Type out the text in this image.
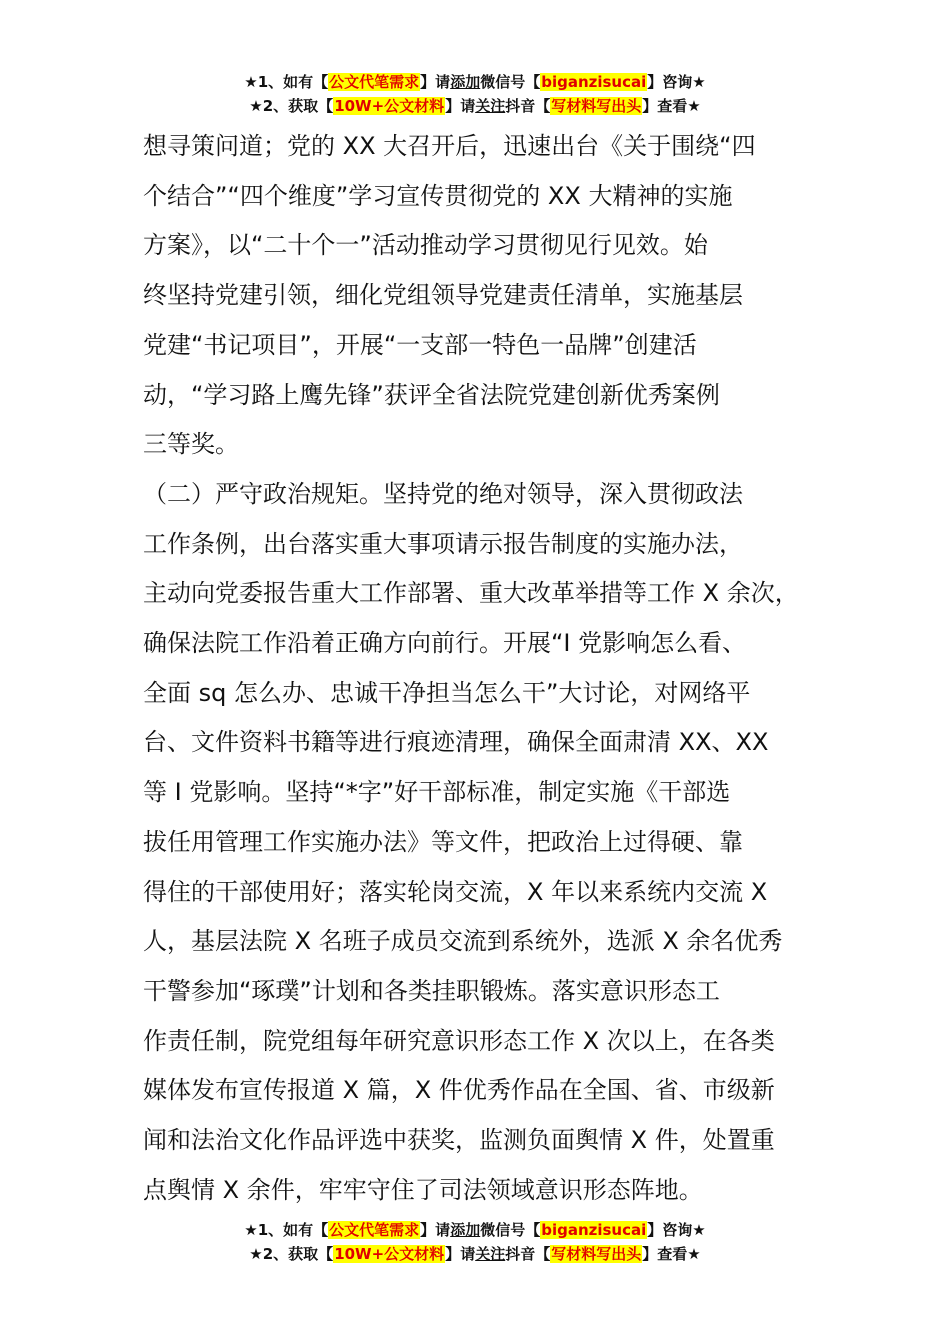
★1、如有【公文代笔需求】请添加微信号【biganzisucai】咨询★
★2、获取【10W+公文材料】请关注抖音【写材料写出头】查看★
想寻策问道；党的 XX 大召开后，迅速出台《关于围绕“四
个结合”“四个维度”学习宣传贯彻党的 XX 大精神的实施
方案》，以“二十个一”活动推动学习贯彻见行见效。始
终坚持党建引领，细化党组领导党建责任清单，实施基层
党建“书记项目”，开展“一支部一特色一品牌”创建活
动，“学习路上鹰先锋”获评全省法院党建创新优秀案例
三等奖。
（二）严守政治规矩。坚持党的绝对领导，深入贯彻政法
工作条例，出台落实重大事项请示报告制度的实施办法，
主动向党委报告重大工作部署、重大改革举措等工作 X 余次，
确保法院工作沿着正确方向前行。开展“I 党影响怎么看、
全面 sq 怎么办、忠诚干净担当怎么干”大讨论，对网络平
台、文件资料书籍等进行痕迹清理，确保全面肃清 XX、XX
等 I 党影响。坚持“*字”好干部标准，制定实施《干部选
拔任用管理工作实施办法》等文件，把政治上过得硬、靠
得住的干部使用好；落实轮岗交流，X 年以来系统内交流 X
人，基层法院 X 名班子成员交流到系统外，选派 X 余名优秀
干警参加“琢璞”计划和各类挂职锻炼。落实意识形态工
作责任制，院党组每年研究意识形态工作 X 次以上，在各类
媒体发布宣传报道 X 篇，X 件优秀作品在全国、省、市级新
闻和法治文化作品评选中获奖，监测负面舆情 X 件，处置重
点舆情 X 余件，牢牢守住了司法领域意识形态阵地。
★1、如有【公文代笔需求】请添加微信号【biganzisucai】咨询★
★2、获取【10W+公文材料】请关注抖音【写材料写出头】查看★
